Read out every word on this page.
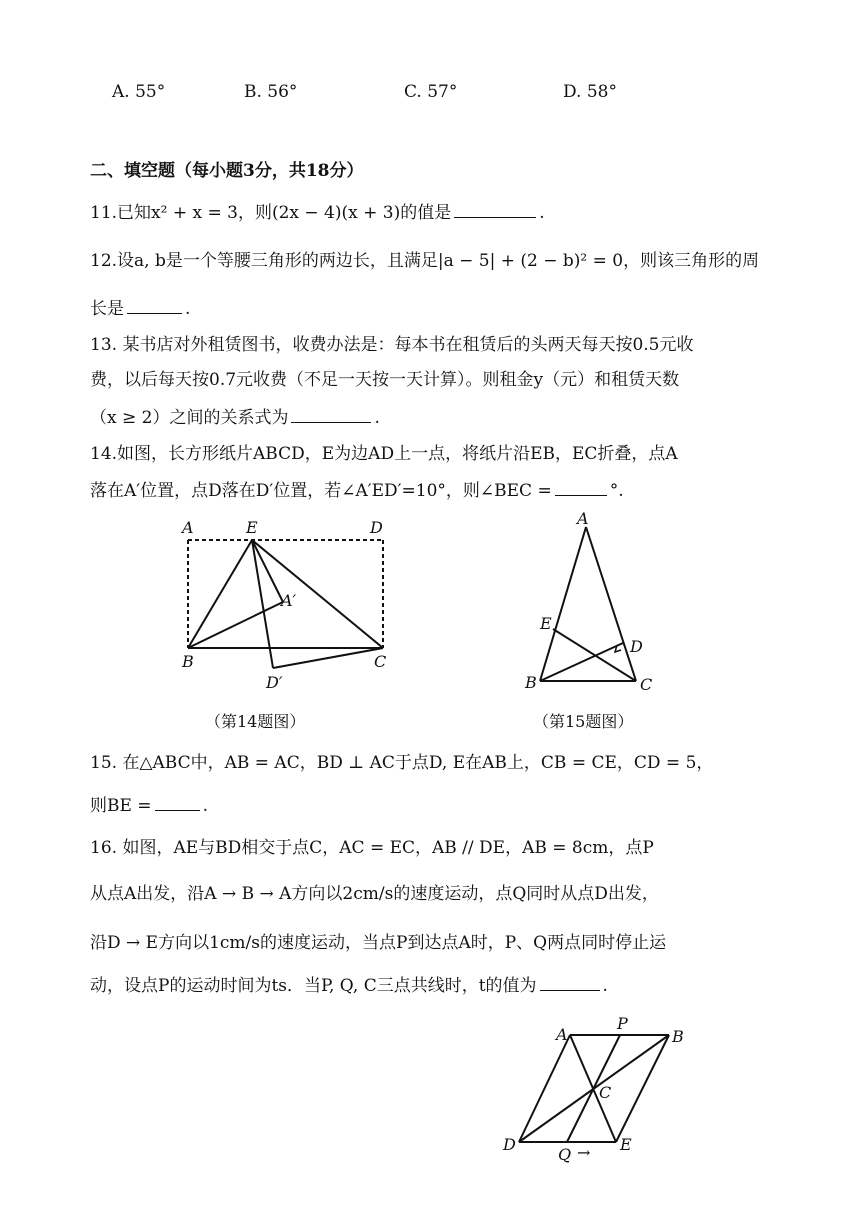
A. 55°	B. 56°	C. 57°	D. 58°
二、填空题（每小题3分，共18分）
11.已知x² + x = 3，则(2x − 4)(x + 3)的值是	.
12.设a, b是一个等腰三角形的两边长，且满足|a − 5| + (2 − b)² = 0，则该三角形的周
长是	.
13. 某书店对外租赁图书，收费办法是：每本书在租赁后的头两天每天按0.5元收
费，以后每天按0.7元收费（不足一天按一天计算）。则租金y（元）和租赁天数
（x ≥ 2）之间的关系式为	.
14.如图，长方形纸片ABCD，E为边AD上一点，将纸片沿EB，EC折叠，点A
落在A′位置，点D落在D′位置，若∠A′ED′=10°，则∠BEC =	°.
A	E	D
A′
B	C
D′
（第14题图）
A
E
D
B	C
（第15题图）
15. 在△ABC中，AB = AC，BD ⊥ AC于点D, E在AB上，CB = CE，CD = 5，
则BE =	.
16. 如图，AE与BD相交于点C，AC = EC，AB // DE，AB = 8cm，点P
从点A出发，沿A → B → A方向以2cm/s的速度运动，点Q同时从点D出发，
沿D → E方向以1cm/s的速度运动，当点P到达点A时，P、Q两点同时停止运
动，设点P的运动时间为ts．当P, Q, C三点共线时，t的值为	.
A
P
B
C
D	E
Q →
